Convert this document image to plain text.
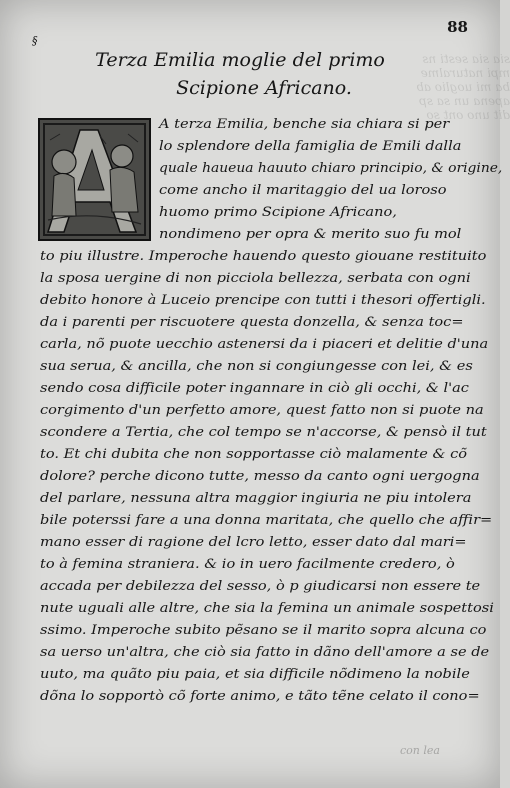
sia sia sesti ns
mpi naturalme
ba mi uoglio ab
apena un sa sp
dit uno ont so
§
88
Terza Emilia moglie del primo
Scipione Africano.
A terza Emilia, benche sia chiara si per
lo splendore della famiglia de Emili dalla
quale haueua hauuto chiaro principio, & origine,
come ancho il maritaggio del ua loroso
huomo primo Scipione Africano,
nondimeno per opra & merito suo fu mol
to piu illustre. Imperoche hauendo questo giouane restituito
la sposa uergine di non picciola bellezza, serbata con ogni
debito honore à Luceio prencipe con tutti i thesori offertigli.
da i parenti per riscuotere questa donzella, & senza toc=
carla, nõ puote uecchio astenersi da i piaceri et delitie d'una
sua serua, & ancilla, che non si congiungesse con lei, & es
sendo cosa difficile poter ingannare in ciò gli occhi, & l'ac
corgimento d'un perfetto amore, quest fatto non si puote na
scondere a Tertia, che col tempo se n'accorse, & pensò il tut
to. Et chi dubita che non sopportasse ciò malamente & cõ
dolore? perche dicono tutte, messo da canto ogni uergogna
del parlare, nessuna altra maggior ingiuria ne piu intolera
bile poterssi fare a una donna maritata, che quello che affir=
mano esser di ragione del lcro letto, esser dato dal mari=
to à femina straniera. & io in uero facilmente credero, ò
accada per debilezza del sesso, ò p giudicarsi non essere te
nute uguali alle altre, che sia la femina un animale sospettosi
ssimo. Imperoche subito pẽsano se il marito sopra alcuna co
sa uerso un'altra, che ciò sia fatto in dãno dell'amore a se de
uuto, ma quãto piu paia, et sia difficile nõdimeno la nobile
dõna lo sopportò cõ forte animo, e tãto tẽne celato il cono=
con lea
